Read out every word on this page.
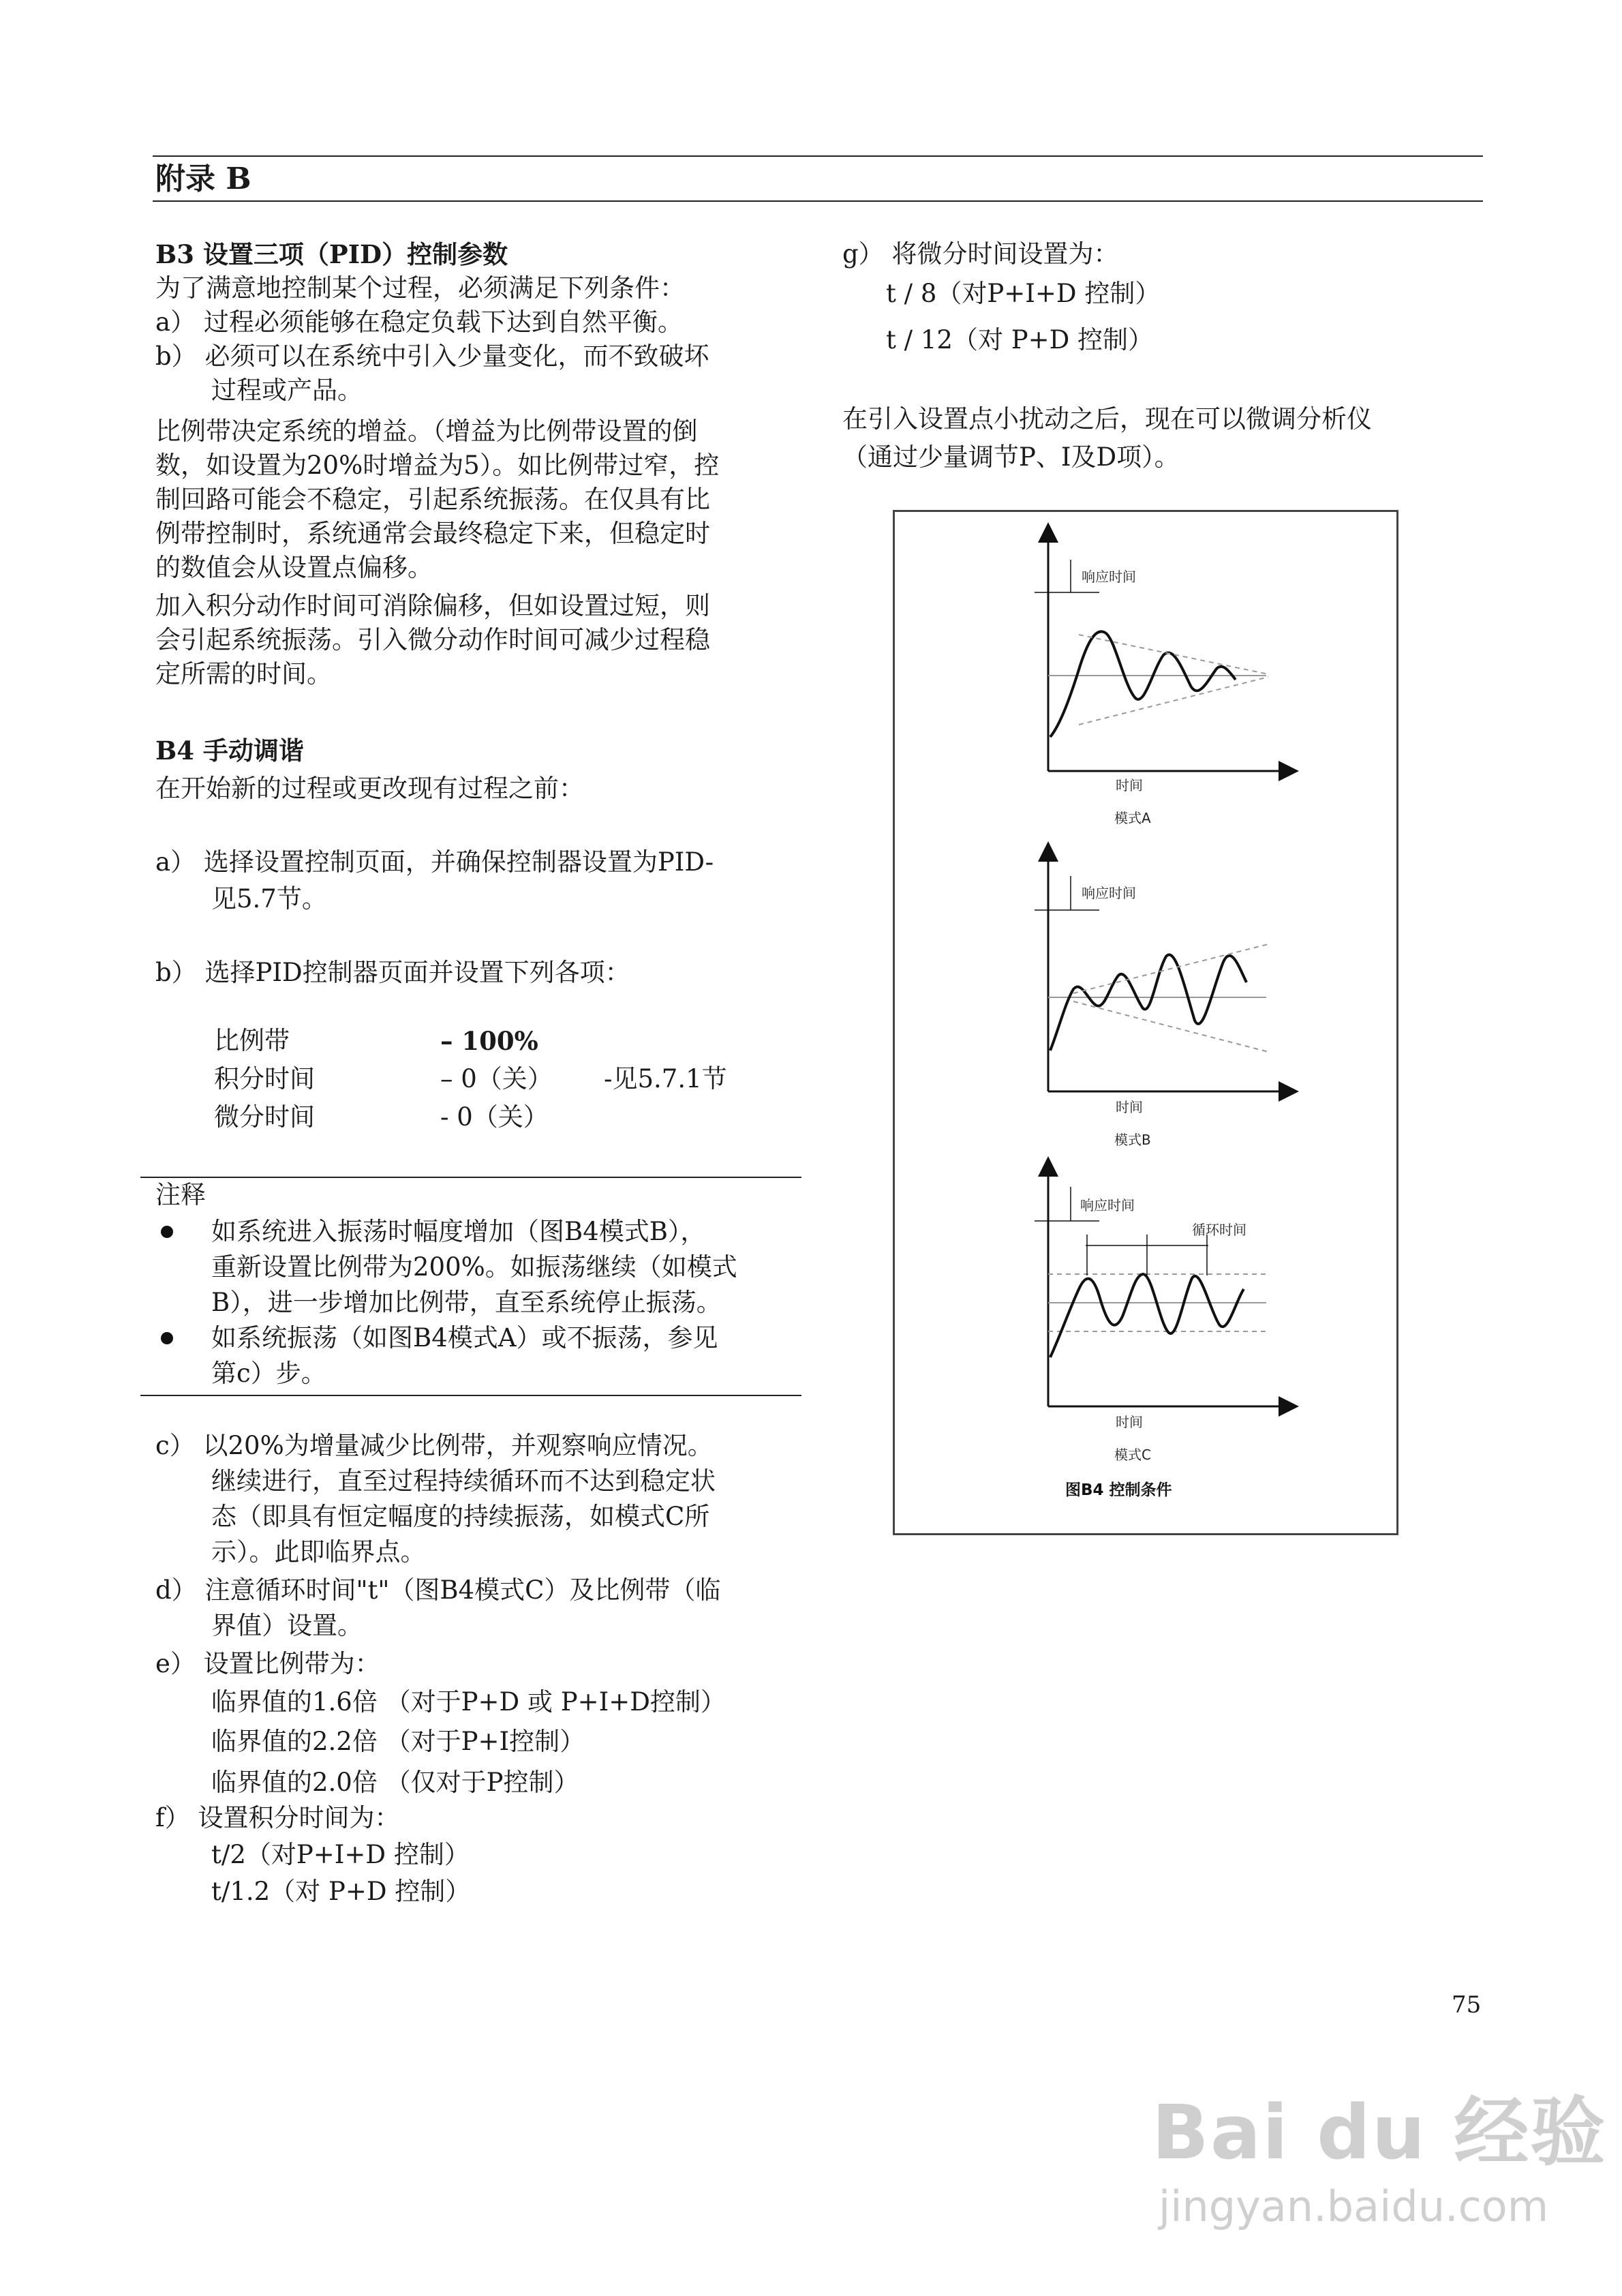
附录 B
B3 设置三项（PID）控制参数
为了满意地控制某个过程，必须满足下列条件：
a） 过程必须能够在稳定负载下达到自然平衡。
b） 必须可以在系统中引入少量变化，而不致破坏
过程或产品。
比例带决定系统的增益。（增益为比例带设置的倒
数，如设置为20%时增益为5）。如比例带过窄，控
制回路可能会不稳定，引起系统振荡。在仅具有比
例带控制时，系统通常会最终稳定下来，但稳定时
的数值会从设置点偏移。
加入积分动作时间可消除偏移，但如设置过短，则
会引起系统振荡。引入微分动作时间可减少过程稳
定所需的时间。
B4 手动调谐
在开始新的过程或更改现有过程之前：
a） 选择设置控制页面，并确保控制器设置为PID-
见5.7节。
b） 选择PID控制器页面并设置下列各项：
比例带	– 100%
积分时间	– 0（关） -见5.7.1节
微分时间	- 0（关）
注释
如系统进入振荡时幅度增加（图B4模式B），
重新设置比例带为200%。如振荡继续（如模式
B），进一步增加比例带，直至系统停止振荡。
如系统振荡（如图B4模式A）或不振荡，参见
第c）步。
c） 以20%为增量减少比例带，并观察响应情况。
继续进行，直至过程持续循环而不达到稳定状
态（即具有恒定幅度的持续振荡，如模式C所
示）。此即临界点。
d） 注意循环时间"t"（图B4模式C）及比例带（临
界值）设置。
e） 设置比例带为：
临界值的1.6倍 （对于P+D 或 P+I+D控制）
临界值的2.2倍 （对于P+I控制）
临界值的2.0倍 （仅对于P控制）
f） 设置积分时间为：
t/2（对P+I+D 控制）
t/1.2（对 P+D 控制）
g） 将微分时间设置为：
t / 8（对P+I+D 控制）
t / 12（对 P+D 控制）
在引入设置点小扰动之后，现在可以微调分析仪
（通过少量调节P、I及D项）。
响应时间
时间
模式A
响应时间
时间
模式B
响应时间
循环时间
时间
模式C
图B4 控制条件
75
Bai du 经验
jingyan.baidu.com
